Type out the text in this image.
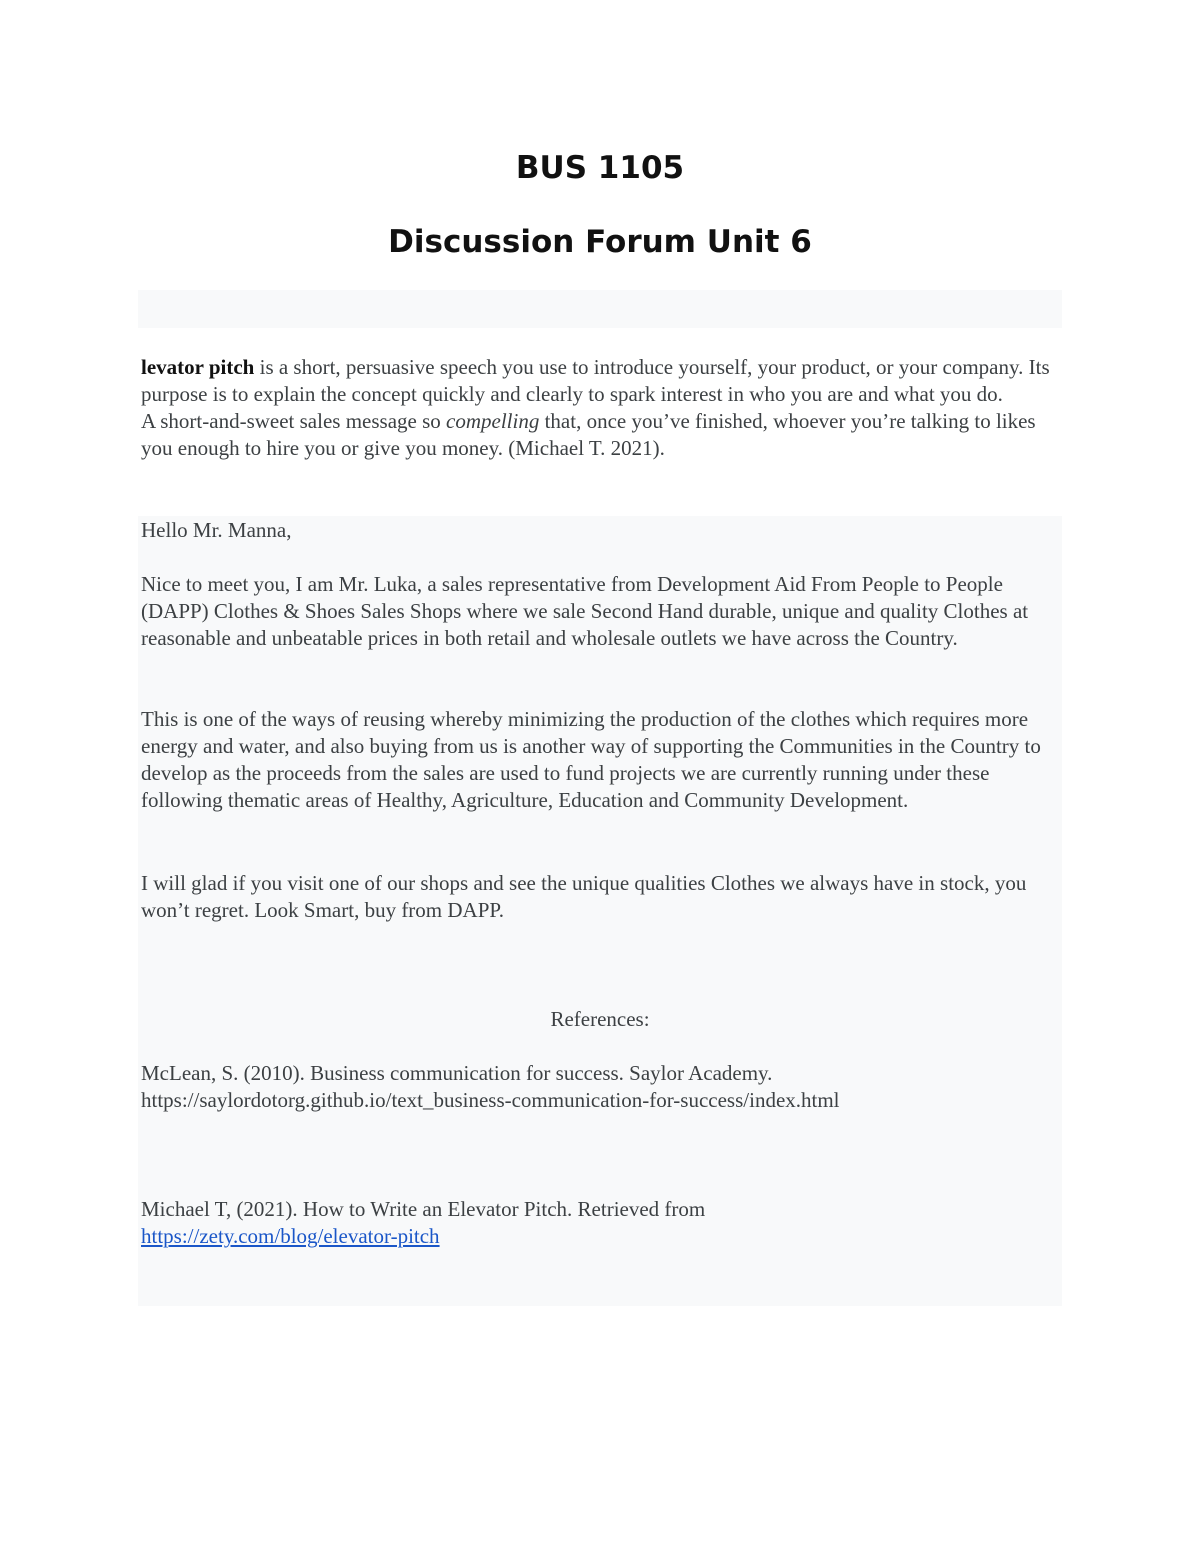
BUS 1105
Discussion Forum Unit 6

levator pitch is a short, persuasive speech you use to introduce yourself, your product, or your company. Its purpose is to explain the concept quickly and clearly to spark interest in who you are and what you do.
A short-and-sweet sales message so compelling that, once you’ve finished, whoever you’re talking to likes you enough to hire you or give you money. (Michael T. 2021).

Hello Mr. Manna,

Nice to meet you, I am Mr. Luka, a sales representative from Development Aid From People to People (DAPP) Clothes & Shoes Sales Shops where we sale Second Hand durable, unique and quality Clothes at reasonable and unbeatable prices in both retail and wholesale outlets we have across the Country.

This is one of the ways of reusing whereby minimizing the production of the clothes which requires more energy and water, and also buying from us is another way of supporting the Communities in the Country to develop as the proceeds from the sales are used to fund projects we are currently running under these following thematic areas of Healthy, Agriculture, Education and Community Development.

I will glad if you visit one of our shops and see the unique qualities Clothes we always have in stock, you won’t regret. Look Smart, buy from DAPP.

References:

McLean, S. (2010). Business communication for success. Saylor Academy.
https://saylordotorg.github.io/text_business-communication-for-success/index.html

Michael T, (2021). How to Write an Elevator Pitch. Retrieved from
https://zety.com/blog/elevator-pitch
